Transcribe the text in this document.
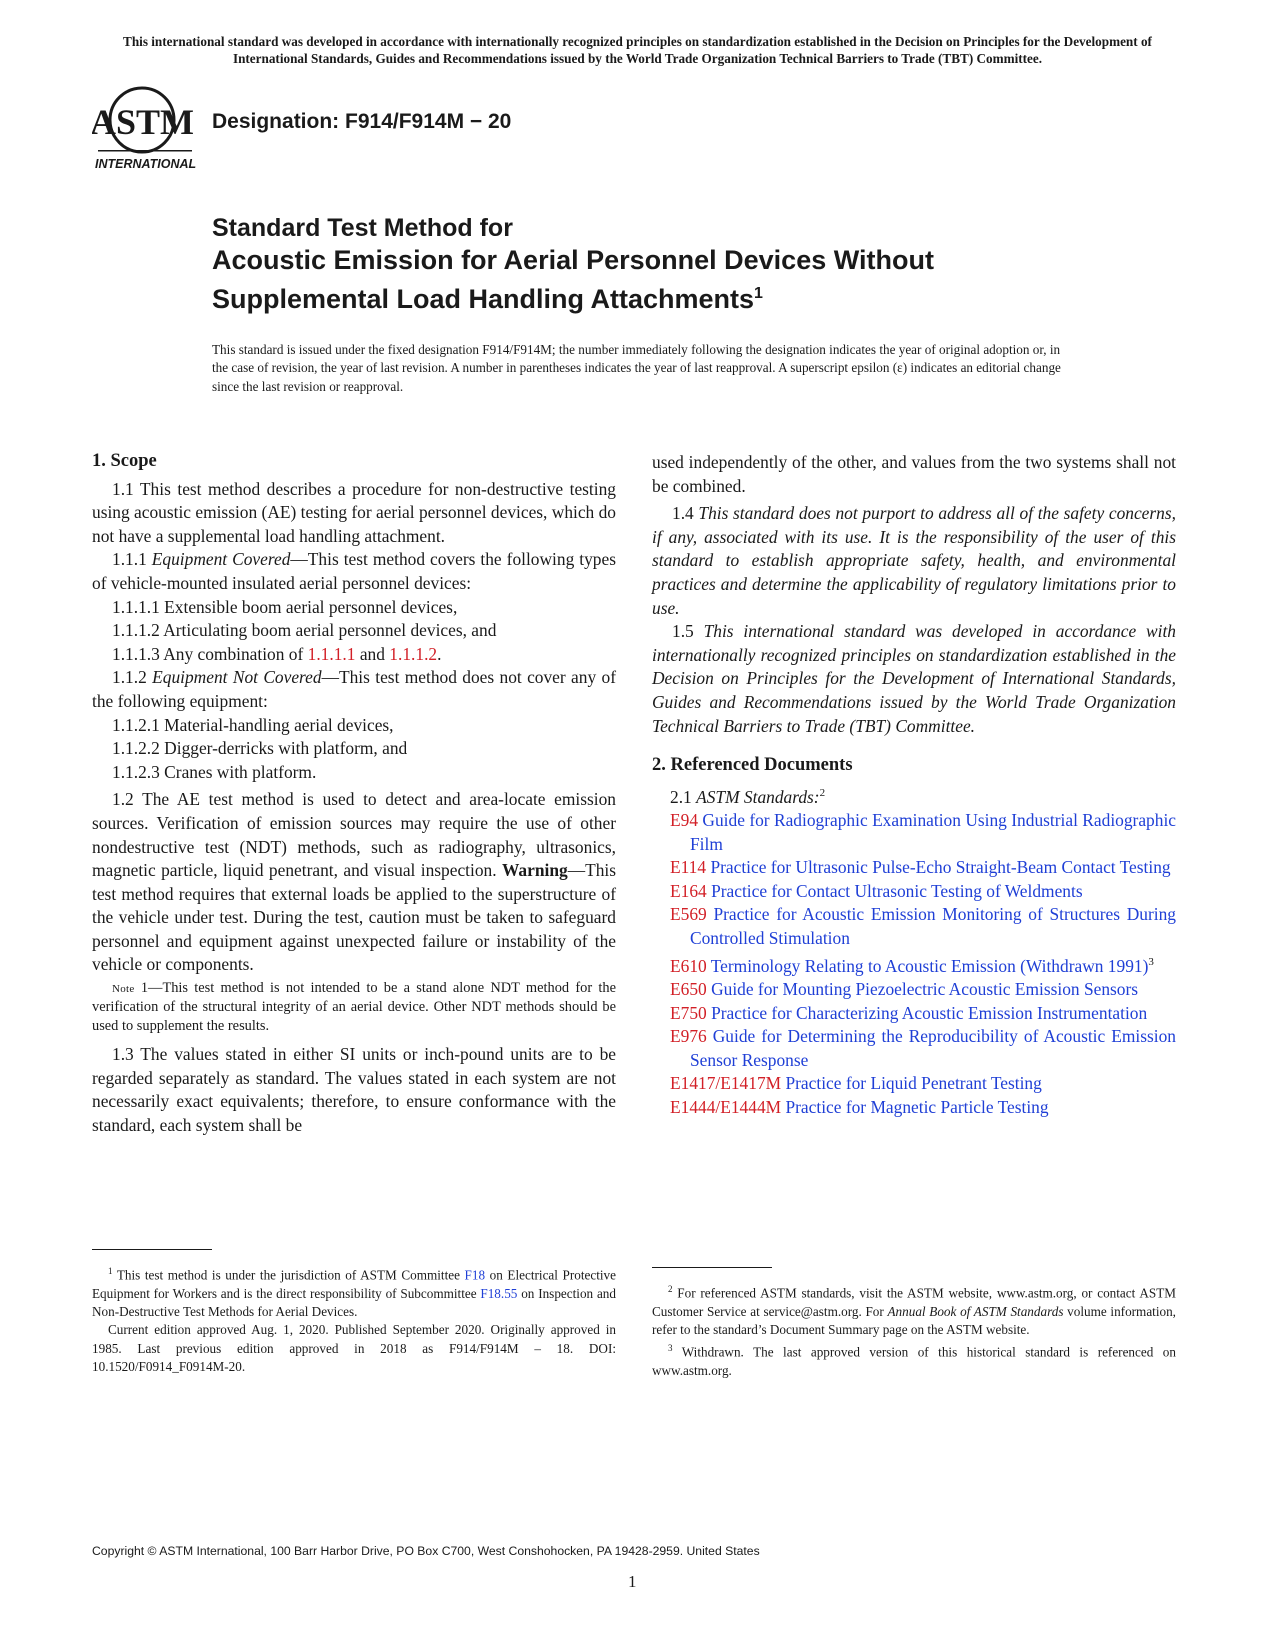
This international standard was developed in accordance with internationally recognized principles on standardization established in the Decision on Principles for the Development of International Standards, Guides and Recommendations issued by the World Trade Organization Technical Barriers to Trade (TBT) Committee.
ASTM
INTERNATIONAL
Designation: F914/F914M − 20
Standard Test Method for
Acoustic Emission for Aerial Personnel Devices Without
Supplemental Load Handling Attachments$^1$
This standard is issued under the fixed designation F914/F914M; the number immediately following the designation indicates the year of original adoption or, in the case of revision, the year of last revision. A number in parentheses indicates the year of last reapproval. A superscript epsilon (ε) indicates an editorial change since the last revision or reapproval.
1. Scope

1.1 This test method describes a procedure for non-destructive testing using acoustic emission (AE) testing for aerial personnel devices, which do not have a supplemental load handling attachment.

1.1.1 Equipment Covered—This test method covers the following types of vehicle-mounted insulated aerial personnel devices:

1.1.1.1 Extensible boom aerial personnel devices,

1.1.1.2 Articulating boom aerial personnel devices, and

1.1.1.3 Any combination of 1.1.1.1 and 1.1.1.2.

1.1.2 Equipment Not Covered—This test method does not cover any of the following equipment:

1.1.2.1 Material-handling aerial devices,

1.1.2.2 Digger-derricks with platform, and

1.1.2.3 Cranes with platform.

1.2 The AE test method is used to detect and area-locate emission sources. Verification of emission sources may require the use of other nondestructive test (NDT) methods, such as radiography, ultrasonics, magnetic particle, liquid penetrant, and visual inspection. Warning—This test method requires that external loads be applied to the superstructure of the vehicle under test. During the test, caution must be taken to safeguard personnel and equipment against unexpected failure or instability of the vehicle or components.

Note 1—This test method is not intended to be a stand alone NDT method for the verification of the structural integrity of an aerial device. Other NDT methods should be used to supplement the results.

1.3 The values stated in either SI units or inch-pound units are to be regarded separately as standard. The values stated in each system are not necessarily exact equivalents; therefore, to ensure conformance with the standard, each system shall be

used independently of the other, and values from the two systems shall not be combined.

1.4 This standard does not purport to address all of the safety concerns, if any, associated with its use. It is the responsibility of the user of this standard to establish appropriate safety, health, and environmental practices and determine the applicability of regulatory limitations prior to use.

1.5 This international standard was developed in accordance with internationally recognized principles on standardization established in the Decision on Principles for the Development of International Standards, Guides and Recommendations issued by the World Trade Organization Technical Barriers to Trade (TBT) Committee.

2. Referenced Documents

2.1 ASTM Standards:$^2$

E94 Guide for Radiographic Examination Using Industrial Radiographic Film

E114 Practice for Ultrasonic Pulse-Echo Straight-Beam Contact Testing

E164 Practice for Contact Ultrasonic Testing of Weldments

E569 Practice for Acoustic Emission Monitoring of Structures During Controlled Stimulation

E610 Terminology Relating to Acoustic Emission (Withdrawn 1991)$^3$

E650 Guide for Mounting Piezoelectric Acoustic Emission Sensors

E750 Practice for Characterizing Acoustic Emission Instrumentation

E976 Guide for Determining the Reproducibility of Acoustic Emission Sensor Response

E1417/E1417M Practice for Liquid Penetrant Testing

E1444/E1444M Practice for Magnetic Particle Testing

$^1$ This test method is under the jurisdiction of ASTM Committee F18 on Electrical Protective Equipment for Workers and is the direct responsibility of Subcommittee F18.55 on Inspection and Non-Destructive Test Methods for Aerial Devices.

Current edition approved Aug. 1, 2020. Published September 2020. Originally approved in 1985. Last previous edition approved in 2018 as F914/F914M – 18. DOI: 10.1520/F0914_F0914M-20.

$^2$ For referenced ASTM standards, visit the ASTM website, www.astm.org, or contact ASTM Customer Service at service@astm.org. For Annual Book of ASTM Standards volume information, refer to the standard’s Document Summary page on the ASTM website.

$^3$ Withdrawn. The last approved version of this historical standard is referenced on www.astm.org.

Copyright © ASTM International, 100 Barr Harbor Drive, PO Box C700, West Conshohocken, PA 19428-2959. United States
1
